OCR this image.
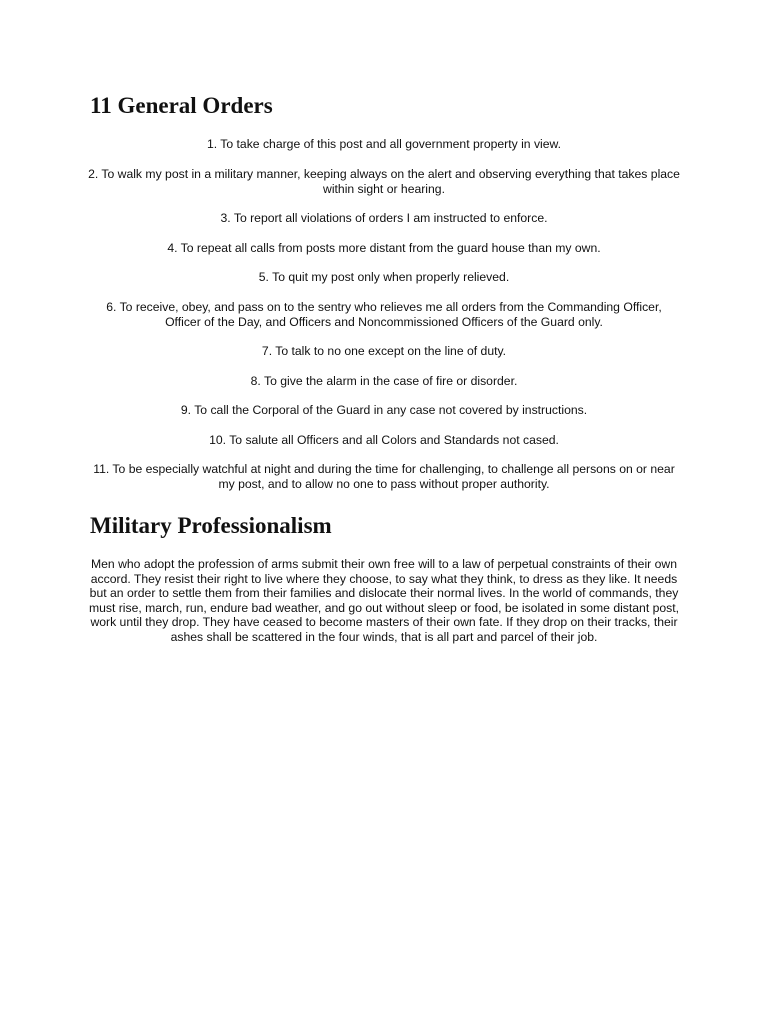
11 General Orders
1. To take charge of this post and all government property in view.
2. To walk my post in a military manner, keeping always on the alert and observing everything that takes place within sight or hearing.
3. To report all violations of orders I am instructed to enforce.
4. To repeat all calls from posts more distant from the guard house than my own.
5. To quit my post only when properly relieved.
6. To receive, obey, and pass on to the sentry who relieves me all orders from the Commanding Officer, Officer of the Day, and Officers and Noncommissioned Officers of the Guard only.
7. To talk to no one except on the line of duty.
8. To give the alarm in the case of fire or disorder.
9. To call the Corporal of the Guard in any case not covered by instructions.
10. To salute all Officers and all Colors and Standards not cased.
11. To be especially watchful at night and during the time for challenging, to challenge all persons on or near my post, and to allow no one to pass without proper authority.
Military Professionalism

Men who adopt the profession of arms submit their own free will to a law of perpetual constraints of their own accord. They resist their right to live where they choose, to say what they think, to dress as they like. It needs but an order to settle them from their families and dislocate their normal lives. In the world of commands, they must rise, march, run, endure bad weather, and go out without sleep or food, be isolated in some distant post, work until they drop. They have ceased to become masters of their own fate. If they drop on their tracks, their ashes shall be scattered in the four winds, that is all part and parcel of their job.
